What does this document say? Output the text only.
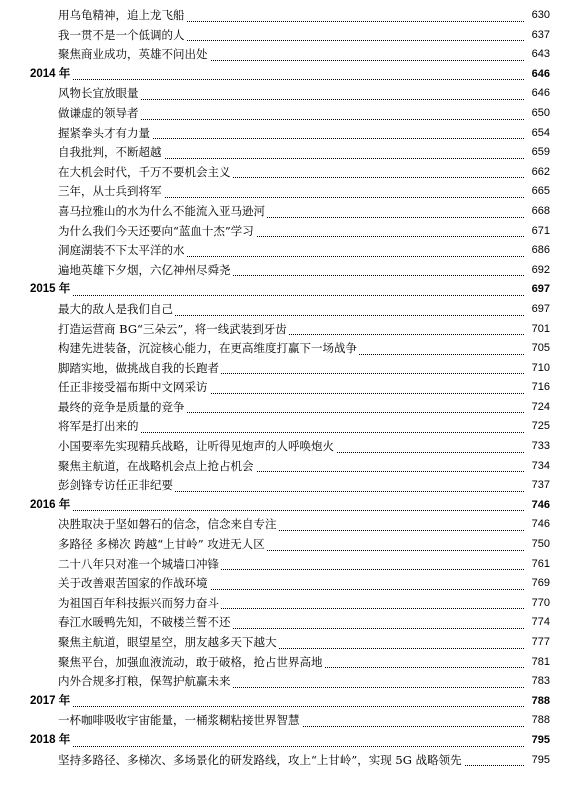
用乌龟精神，追上龙飞船	630
我一贯不是一个低调的人	637
聚焦商业成功，英雄不问出处	643
2014 年	646
风物长宜放眼量	646
做谦虚的领导者	650
握紧拳头才有力量	654
自我批判，不断超越	659
在大机会时代，千万不要机会主义	662
三年，从士兵到将军	665
喜马拉雅山的水为什么不能流入亚马逊河	668
为什么我们今天还要向“蓝血十杰”学习	671
洞庭湖装不下太平洋的水	686
遍地英雄下夕烟，六亿神州尽舜尧	692
2015 年	697
最大的敌人是我们自己	697
打造运营商 BG“三朵云”，将一线武装到牙齿	701
构建先进装备，沉淀核心能力，在更高维度打赢下一场战争	705
脚踏实地，做挑战自我的长跑者	710
任正非接受福布斯中文网采访	716
最终的竞争是质量的竞争	724
将军是打出来的	725
小国要率先实现精兵战略，让听得见炮声的人呼唤炮火	733
聚焦主航道，在战略机会点上抢占机会	734
彭剑锋专访任正非纪要	737
2016 年	746
决胜取决于坚如磐石的信念，信念来自专注	746
多路径 多梯次 跨越“上甘岭” 攻进无人区	750
二十八年只对准一个城墙口冲锋	761
关于改善艰苦国家的作战环境	769
为祖国百年科技振兴而努力奋斗	770
春江水暖鸭先知，不破楼兰誓不还	774
聚焦主航道，眼望星空，朋友越多天下越大	777
聚焦平台，加强血液流动，敢于破格，抢占世界高地	781
内外合规多打粮，保驾护航赢未来	783
2017 年	788
一杯咖啡吸收宇宙能量，一桶浆糊粘接世界智慧	788
2018 年	795
坚持多路径、多梯次、多场景化的研发路线，攻上“上甘岭”，实现 5G 战略领先	795
